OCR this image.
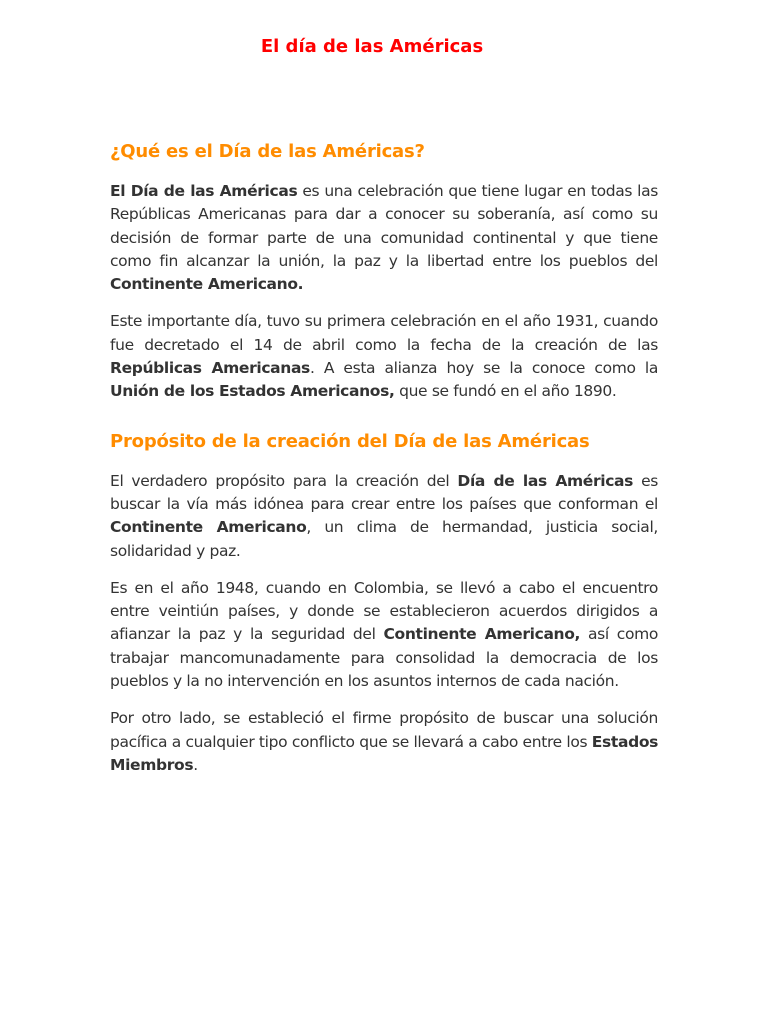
El día de las Américas
¿Qué es el Día de las Américas?

El Día de las Américas es una celebración que tiene lugar en todas las Repúblicas Americanas para dar a conocer su soberanía, así como su decisión de formar parte de una comunidad continental y que tiene como fin alcanzar la unión, la paz y la libertad entre los pueblos del Continente Americano.

Este importante día, tuvo su primera celebración en el año 1931, cuando fue decretado el 14 de abril como la fecha de la creación de las Repúblicas Americanas. A esta alianza hoy se la conoce como la Unión de los Estados Americanos, que se fundó en el año 1890.

Propósito de la creación del Día de las Américas

El verdadero propósito para la creación del Día de las Américas es buscar la vía más idónea para crear entre los países que conforman el Continente Americano, un clima de hermandad, justicia social, solidaridad y paz.

Es en el año 1948, cuando en Colombia, se llevó a cabo el encuentro entre veintiún países, y donde se establecieron acuerdos dirigidos a afianzar la paz y la seguridad del Continente Americano, así como trabajar mancomunadamente para consolidad la democracia de los pueblos y la no intervención en los asuntos internos de cada nación.

Por otro lado, se estableció el firme propósito de buscar una solución pacífica a cualquier tipo conflicto que se llevará a cabo entre los Estados Miembros.
